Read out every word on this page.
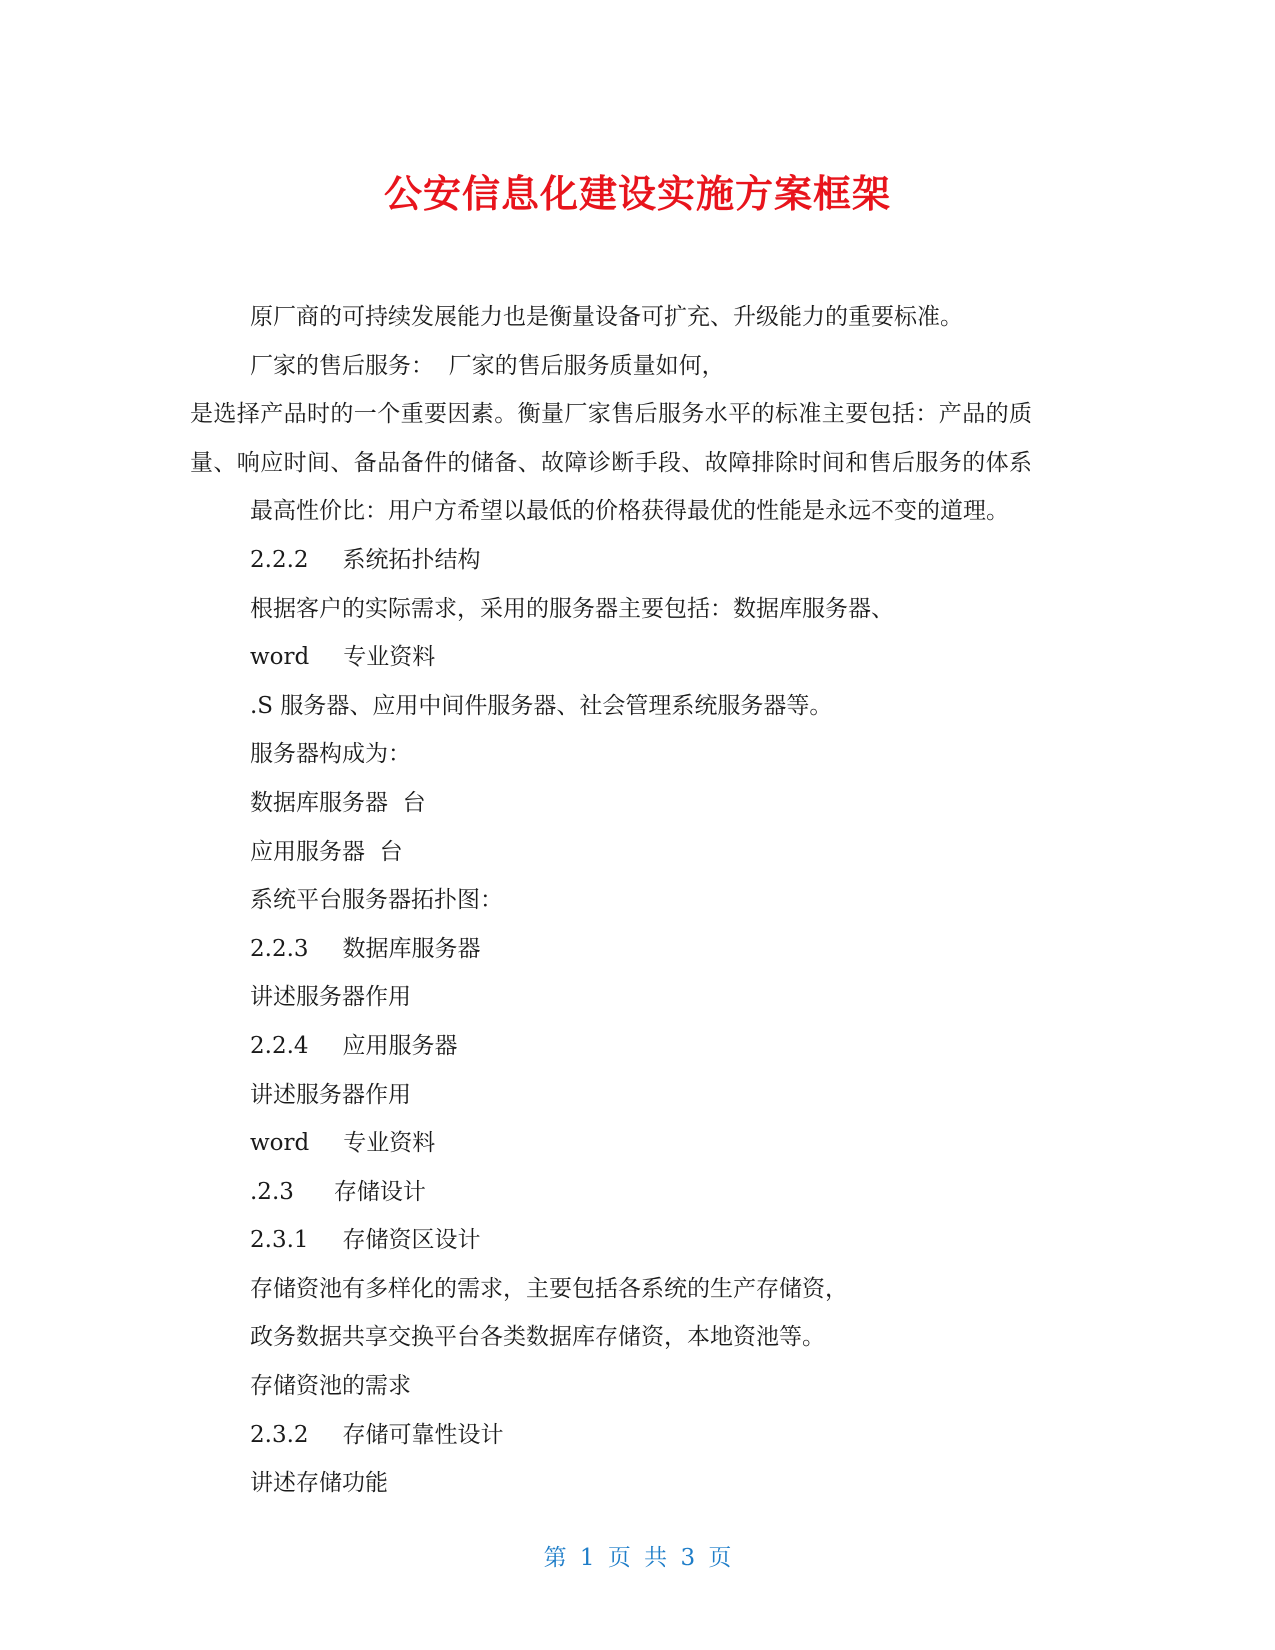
公安信息化建设实施方案框架
原厂商的可持续发展能力也是衡量设备可扩充、升级能力的重要标准。
厂家的售后服务：  厂家的售后服务质量如何，
是选择产品时的一个重要因素。衡量厂家售后服务水平的标准主要包括：产品的质
量、响应时间、备品备件的储备、故障诊断手段、故障排除时间和售后服务的体系
最高性价比：用户方希望以最低的价格获得最优的性能是永远不变的道理。
2.2.2 系统拓扑结构
根据客户的实际需求，采用的服务器主要包括：数据库服务器、
word 专业资料
.S 服务器、应用中间件服务器、社会管理系统服务器等。
服务器构成为：
数据库服务器  台
应用服务器  台
系统平台服务器拓扑图：
2.2.3 数据库服务器
讲述服务器作用
2.2.4 应用服务器
讲述服务器作用
word 专业资料
.2.3 存储设计
2.3.1 存储资区设计
存储资池有多样化的需求，主要包括各系统的生产存储资，
政务数据共享交换平台各类数据库存储资，本地资池等。
存储资池的需求
2.3.2 存储可靠性设计
讲述存储功能
第 1 页 共 3 页
